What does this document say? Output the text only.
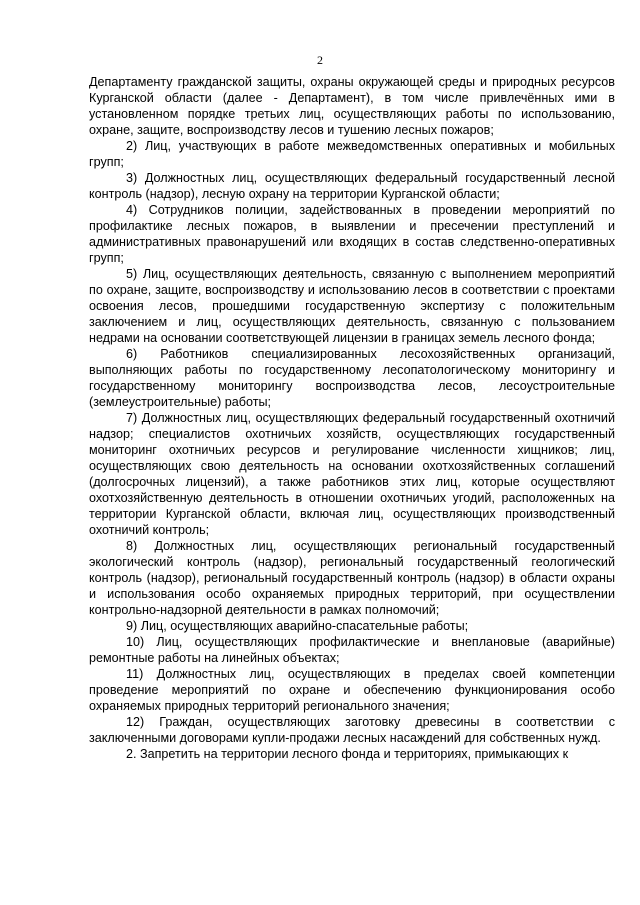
2

Департаменту гражданской защиты, охраны окружающей среды и природных ресурсов Курганской области (далее - Департамент), в том числе привлечённых ими в установленном порядке третьих лиц, осуществляющих работы по использованию, охране, защите, воспроизводству лесов и тушению лесных пожаров;

2) Лиц, участвующих в работе межведомственных оперативных и мобильных групп;

3) Должностных лиц, осуществляющих федеральный государственный лесной контроль (надзор), лесную охрану на территории Курганской области;

4) Сотрудников полиции, задействованных в проведении мероприятий по профилактике лесных пожаров, в выявлении и пресечении преступлений и административных правонарушений или входящих в состав следственно-оперативных групп;

5) Лиц, осуществляющих деятельность, связанную с выполнением мероприятий по охране, защите, воспроизводству и использованию лесов в соответствии с проектами освоения лесов, прошедшими государственную экспертизу с положительным заключением и лиц, осуществляющих деятельность, связанную с пользованием недрами на основании соответствующей лицензии в границах земель лесного фонда;

6) Работников специализированных лесохозяйственных организаций, выполняющих работы по государственному лесопатологическому мониторингу и государственному мониторингу воспроизводства лесов, лесоустроительные (землеустроительные) работы;

7) Должностных лиц, осуществляющих федеральный государственный охотничий надзор; специалистов охотничьих хозяйств, осуществляющих государственный мониторинг охотничьих ресурсов и регулирование численности хищников; лиц, осуществляющих свою деятельность на основании охотхозяйственных соглашений (долгосрочных лицензий), а также работников этих лиц, которые осуществляют охотхозяйственную деятельность в отношении охотничьих угодий, расположенных на территории Курганской области, включая лиц, осуществляющих производственный охотничий контроль;

8) Должностных лиц, осуществляющих региональный государственный экологический контроль (надзор), региональный государственный геологический контроль (надзор), региональный государственный контроль (надзор) в области охраны и использования особо охраняемых природных территорий, при осуществлении контрольно-надзорной деятельности в рамках полномочий;

9) Лиц, осуществляющих аварийно-спасательные работы;

10) Лиц, осуществляющих профилактические и внеплановые (аварийные) ремонтные работы на линейных объектах;

11) Должностных лиц, осуществляющих в пределах своей компетенции проведение мероприятий по охране и обеспечению функционирования особо охраняемых природных территорий регионального значения;

12) Граждан, осуществляющих заготовку древесины в соответствии с заключенными договорами купли-продажи лесных насаждений для собственных нужд.

2. Запретить на территории лесного фонда и территориях, примыкающих к
